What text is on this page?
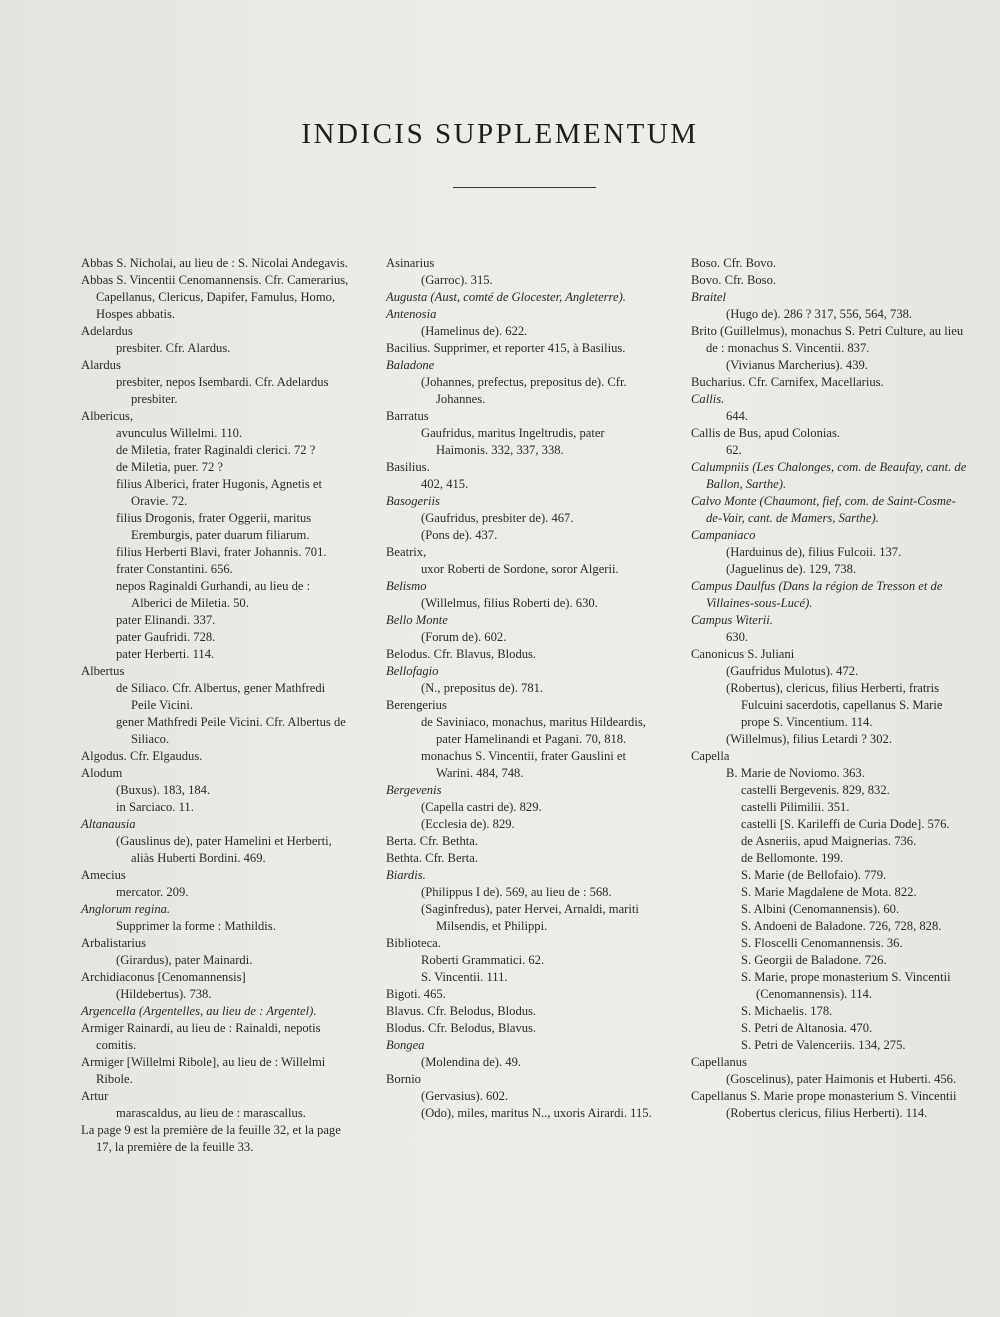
INDICIS SUPPLEMENTUM

Abbas S. Nicholai, au lieu de : S. Nicolai Andegavis.

Abbas S. Vincentii Cenomannensis. Cfr. Camerarius, Capellanus, Clericus, Dapifer, Famulus, Homo, Hospes abbatis.

Adelardus

presbiter. Cfr. Alardus.

Alardus

presbiter, nepos Isembardi. Cfr. Adelardus presbiter.

Albericus,

avunculus Willelmi. 110.

de Miletia, frater Raginaldi clerici. 72 ?

de Miletia, puer. 72 ?

filius Alberici, frater Hugonis, Agnetis et Oravie. 72.

filius Drogonis, frater Oggerii, maritus Eremburgis, pater duarum filiarum.

filius Herberti Blavi, frater Johannis. 701.

frater Constantini. 656.

nepos Raginaldi Gurhandi, au lieu de : Alberici de Miletia. 50.

pater Elinandi. 337.

pater Gaufridi. 728.

pater Herberti. 114.

Albertus

de Siliaco. Cfr. Albertus, gener Mathfredi Peile Vicini.

gener Mathfredi Peile Vicini. Cfr. Albertus de Siliaco.

Algodus. Cfr. Elgaudus.

Alodum

(Buxus). 183, 184.

in Sarciaco. 11.

Altanausia

(Gauslinus de), pater Hamelini et Herberti, aliàs Huberti Bordini. 469.

Amecius

mercator. 209.

Anglorum regina.

Supprimer la forme : Mathildis.

Arbalistarius

(Girardus), pater Mainardi.

Archidiaconus [Cenomannensis]

(Hildebertus). 738.

Argencella (Argentelles, au lieu de : Argentel).

Armiger Rainardi, au lieu de : Rainaldi, nepotis comitis.

Armiger [Willelmi Ribole], au lieu de : Willelmi Ribole.

Artur

marascaldus, au lieu de : marascallus.

La page 9 est la première de la feuille 32, et la page 17, la première de la feuille 33.

Asinarius

(Garroc). 315.

Augusta (Aust, comté de Glocester, Angleterre).

Antenosia

(Hamelinus de). 622.

Bacilius. Supprimer, et reporter 415, à Basilius.

Baladone

(Johannes, prefectus, prepositus de). Cfr. Johannes.

Barratus

Gaufridus, maritus Ingeltrudis, pater Haimonis. 332, 337, 338.

Basilius.

402, 415.

Basogeriis

(Gaufridus, presbiter de). 467.

(Pons de). 437.

Beatrix,

uxor Roberti de Sordone, soror Algerii.

Belismo

(Willelmus, filius Roberti de). 630.

Bello Monte

(Forum de). 602.

Belodus. Cfr. Blavus, Blodus.

Bellofagio

(N., prepositus de). 781.

Berengerius

de Saviniaco, monachus, maritus Hildeardis, pater Hamelinandi et Pagani. 70, 818.

monachus S. Vincentii, frater Gauslini et Warini. 484, 748.

Bergevenis

(Capella castri de). 829.

(Ecclesia de). 829.

Berta. Cfr. Bethta.

Bethta. Cfr. Berta.

Biardis.

(Philippus I de). 569, au lieu de : 568.

(Saginfredus), pater Hervei, Arnaldi, mariti Milsendis, et Philippi.

Biblioteca.

Roberti Grammatici. 62.

S. Vincentii. 111.

Bigoti. 465.

Blavus. Cfr. Belodus, Blodus.

Blodus. Cfr. Belodus, Blavus.

Bongea

(Molendina de). 49.

Bornio

(Gervasius). 602.

(Odo), miles, maritus N.., uxoris Airardi. 115.

Boso. Cfr. Bovo.

Bovo. Cfr. Boso.

Braitel

(Hugo de). 286 ? 317, 556, 564, 738.

Brito (Guillelmus), monachus S. Petri Culture, au lieu de : monachus S. Vincentii. 837.

(Vivianus Marcherius). 439.

Bucharius. Cfr. Carnifex, Macellarius.

Callis.

644.

Callis de Bus, apud Colonias.

62.

Calumpniis (Les Chalonges, com. de Beaufay, cant. de Ballon, Sarthe).

Calvo Monte (Chaumont, fief, com. de Saint-Cosme-de-Vair, cant. de Mamers, Sarthe).

Campaniaco

(Harduinus de), filius Fulcoii. 137.

(Jaguelinus de). 129, 738.

Campus Daulfus (Dans la région de Tresson et de Villaines-sous-Lucé).

Campus Witerii.

630.

Canonicus S. Juliani

(Gaufridus Mulotus). 472.

(Robertus), clericus, filius Herberti, fratris Fulcuini sacerdotis, capellanus S. Marie prope S. Vincentium. 114.

(Willelmus), filius Letardi ? 302.

Capella

B. Marie de Noviomo. 363.

castelli Bergevenis. 829, 832.

castelli Pilimilii. 351.

castelli [S. Karileffi de Curia Dode]. 576.

de Asneriis, apud Maignerias. 736.

de Bellomonte. 199.

S. Marie (de Bellofaio). 779.

S. Marie Magdalene de Mota. 822.

S. Albini (Cenomannensis). 60.

S. Andoeni de Baladone. 726, 728, 828.

S. Floscelli Cenomannensis. 36.

S. Georgii de Baladone. 726.

S. Marie, prope monasterium S. Vincentii (Cenomannensis). 114.

S. Michaelis. 178.

S. Petri de Altanosia. 470.

S. Petri de Valenceriis. 134, 275.

Capellanus

(Goscelinus), pater Haimonis et Huberti. 456.

Capellanus S. Marie prope monasterium S. Vincentii

(Robertus clericus, filius Herberti). 114.
